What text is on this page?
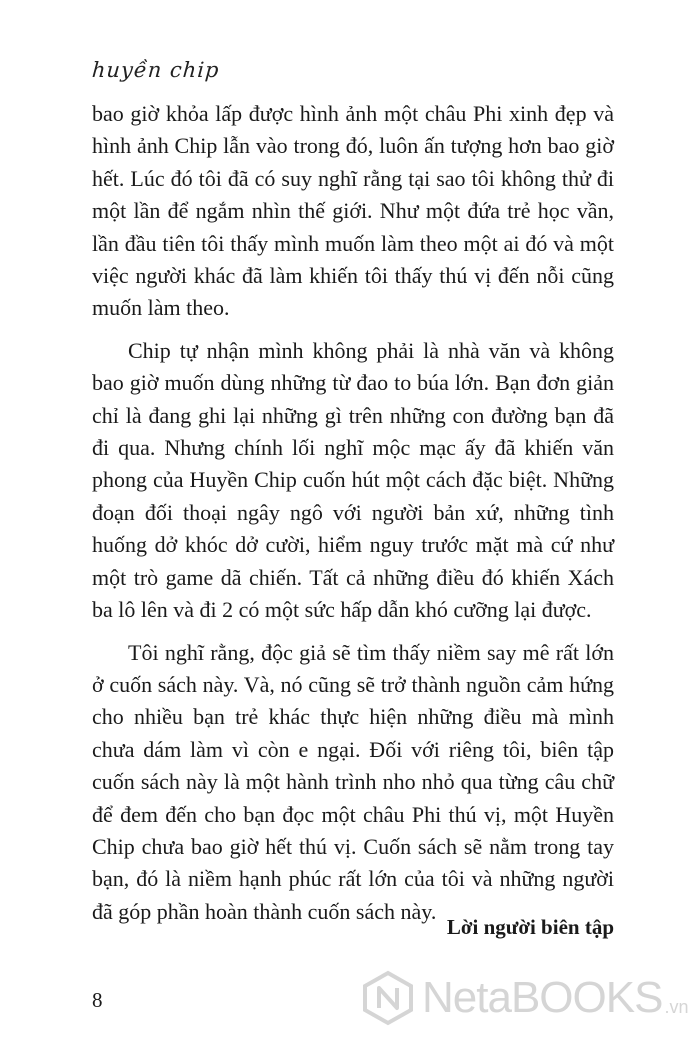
huyền chip

bao giờ khỏa lấp được hình ảnh một châu Phi xinh đẹp và hình ảnh Chip lẫn vào trong đó, luôn ấn tượng hơn bao giờ hết. Lúc đó tôi đã có suy nghĩ rằng tại sao tôi không thử đi một lần để ngắm nhìn thế giới. Như một đứa trẻ học vần, lần đầu tiên tôi thấy mình muốn làm theo một ai đó và một việc người khác đã làm khiến tôi thấy thú vị đến nỗi cũng muốn làm theo.

Chip tự nhận mình không phải là nhà văn và không bao giờ muốn dùng những từ đao to búa lớn. Bạn đơn giản chỉ là đang ghi lại những gì trên những con đường bạn đã đi qua. Nhưng chính lối nghĩ mộc mạc ấy đã khiến văn phong của Huyền Chip cuốn hút một cách đặc biệt. Những đoạn đối thoại ngây ngô với người bản xứ, những tình huống dở khóc dở cười, hiểm nguy trước mặt mà cứ như một trò game dã chiến. Tất cả những điều đó khiến Xách ba lô lên và đi 2 có một sức hấp dẫn khó cưỡng lại được.

Tôi nghĩ rằng, độc giả sẽ tìm thấy niềm say mê rất lớn ở cuốn sách này. Và, nó cũng sẽ trở thành nguồn cảm hứng cho nhiều bạn trẻ khác thực hiện những điều mà mình chưa dám làm vì còn e ngại. Đối với riêng tôi, biên tập cuốn sách này là một hành trình nho nhỏ qua từng câu chữ để đem đến cho bạn đọc một châu Phi thú vị, một Huyền Chip chưa bao giờ hết thú vị. Cuốn sách sẽ nằm trong tay bạn, đó là niềm hạnh phúc rất lớn của tôi và những người đã góp phần hoàn thành cuốn sách này.

Lời người biên tập
8	NetaBOOKS .vn
